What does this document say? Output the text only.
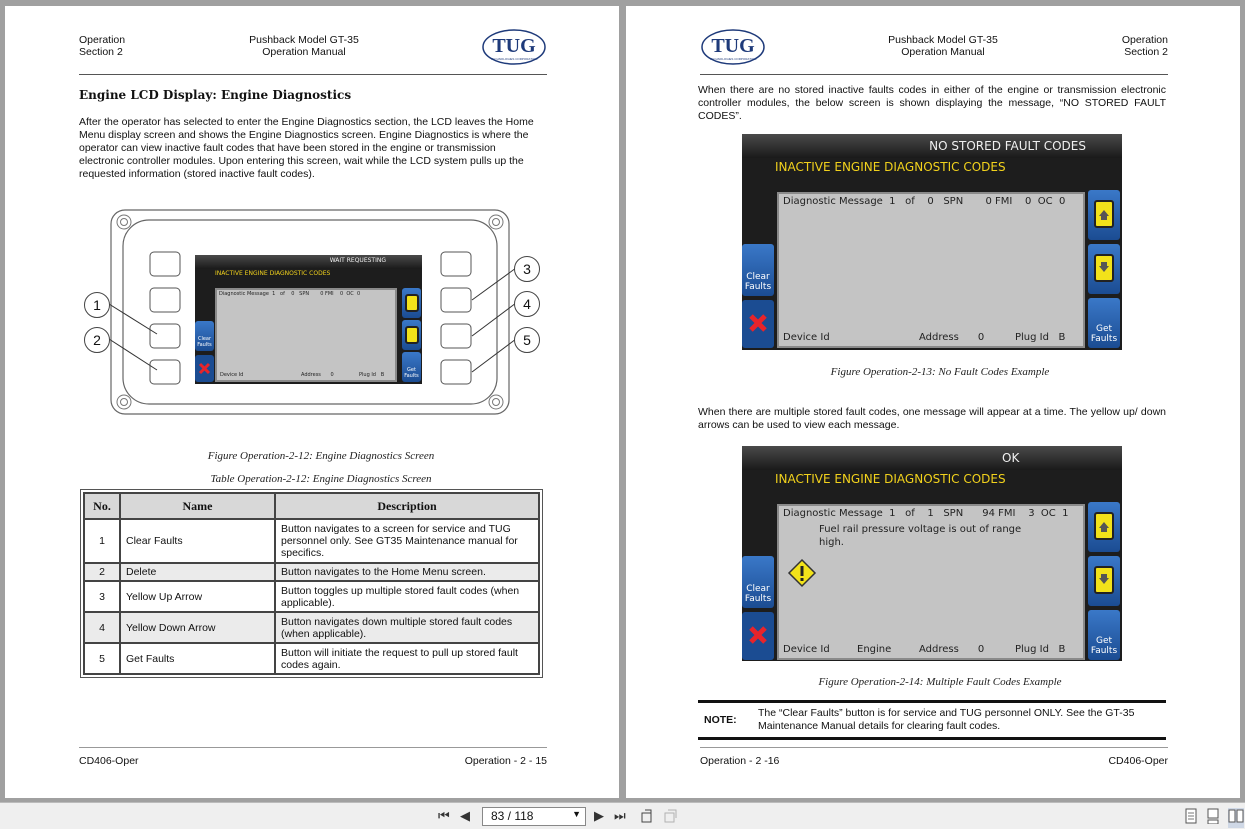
Operation
Section 2
Pushback Model GT-35
Operation Manual	TUG
TECHNOLOGIES CORPORATION
Engine LCD Display: Engine Diagnostics
After the operator has selected to enter the Engine Diagnostics section, the LCD leaves the Home Menu display screen and shows the Engine Diagnostics screen. Engine Diagnostics is where the operator can view inactive fault codes that have been stored in the engine or transmission electronic controller modules. Upon entering this screen, wait while the LCD system pulls up the requested information (stored inactive fault codes).
1
2
3
4
5
WAIT REQUESTING
INACTIVE ENGINE DIAGNOSTIC CODES
Diagnostic Message  1   of    0   SPN       0 FMI    0  OC  0
Device Id	Address      0	Plug Id   B
Clear Faults
Get Faults
Figure Operation-2-12: Engine Diagnostics Screen
Table Operation-2-12: Engine Diagnostics Screen
No.	Name	Description
1	Clear Faults	Button navigates to a screen for service and TUG personnel only. See GT35 Maintenance manual for specifics.
2	Delete	Button navigates to the Home Menu screen.
3	Yellow Up Arrow	Button toggles up multiple stored fault codes (when applicable).
4	Yellow Down Arrow	Button navigates down multiple stored fault codes (when applicable).
5	Get Faults	Button will initiate the request to pull up stored fault codes again.
CD406-Oper	Operation - 2 - 15
TUG
TECHNOLOGIES CORPORATION
Pushback Model GT-35
Operation Manual
Operation
Section 2
When there are no stored inactive faults codes in either of the engine or transmission electronic controller modules, the below screen is shown displaying the message, “NO STORED FAULT CODES”.
NO STORED FAULT CODES
INACTIVE ENGINE DIAGNOSTIC CODES
Diagnostic Message  1   of    0   SPN       0 FMI    0  OC  0
Device Id	Address      0	Plug Id   B
Clear Faults
Get Faults
Figure Operation-2-13: No Fault Codes Example
When there are multiple stored fault codes, one message will appear at a time. The yellow up/ down arrows can be used to view each message.
OK
INACTIVE ENGINE DIAGNOSTIC CODES
Diagnostic Message  1   of    1   SPN      94 FMI    3  OC  1
Fuel rail pressure voltage is out of range
high.
Device Id	Engine	Address      0	Plug Id   B
Clear Faults
Get Faults
Figure Operation-2-14: Multiple Fault Codes Example
NOTE:
The “Clear Faults” button is for service and TUG personnel ONLY. See the GT-35 Maintenance Manual details for clearing fault codes.
Operation - 2 -16	CD406-Oper
⏮ ◀ 83 / 118	▼ ▶ ⏭
